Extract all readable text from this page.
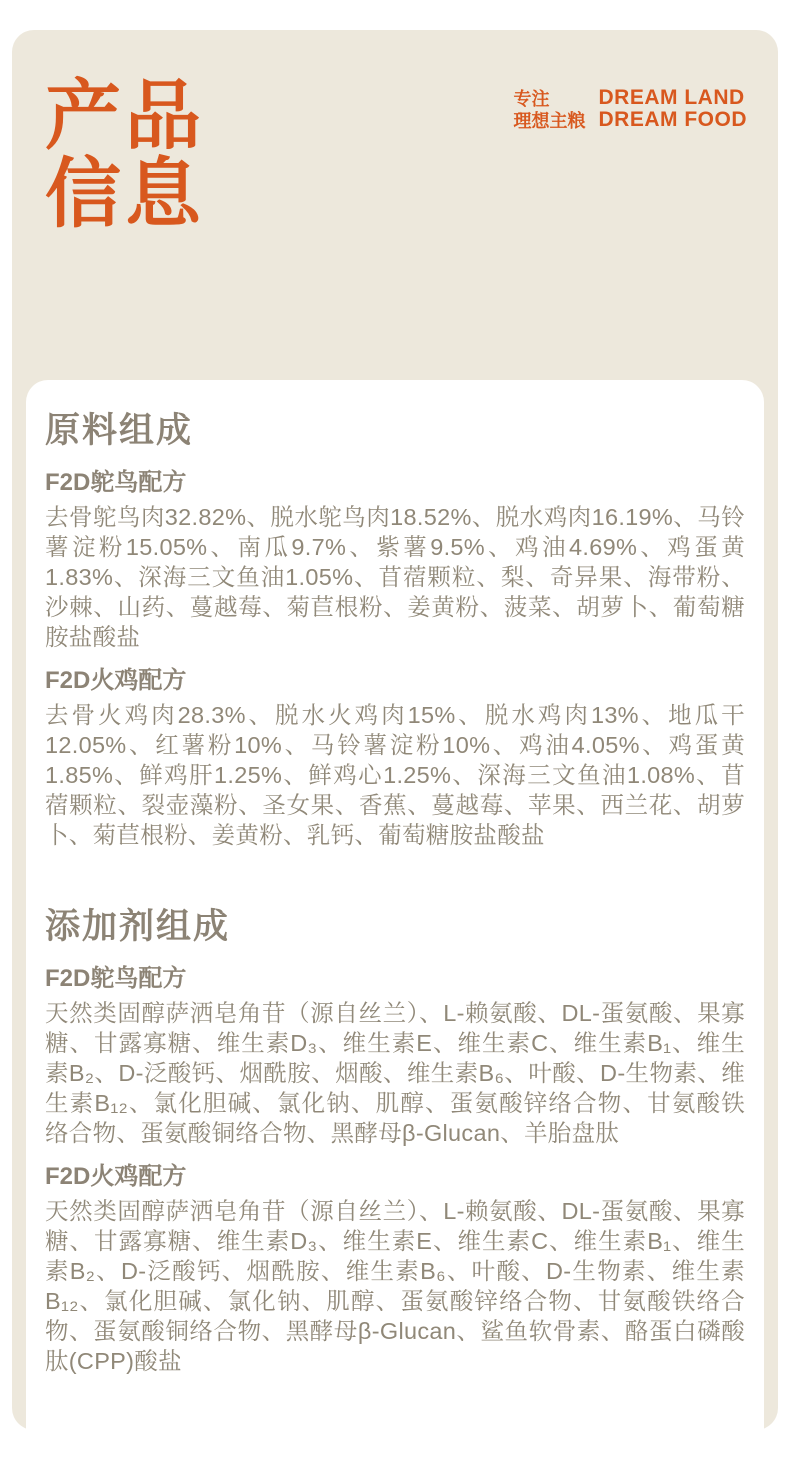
产品
信息
专注
理想主粮
DREAM LAND
DREAM FOOD
原料组成
F2D鸵鸟配方

去骨鸵鸟肉32.82%、脱水鸵鸟肉18.52%、脱水鸡肉16.19%、马铃薯淀粉15.05%、南瓜9.7%、紫薯9.5%、鸡油4.69%、鸡蛋黄1.83%、深海三文鱼油1.05%、苜蓿颗粒、梨、奇异果、海带粉、沙棘、山药、蔓越莓、菊苣根粉、姜黄粉、菠菜、胡萝卜、葡萄糖胺盐酸盐

F2D火鸡配方

去骨火鸡肉28.3%、脱水火鸡肉15%、脱水鸡肉13%、地瓜干12.05%、红薯粉10%、马铃薯淀粉10%、鸡油4.05%、鸡蛋黄1.85%、鲜鸡肝1.25%、鲜鸡心1.25%、深海三文鱼油1.08%、苜蓿颗粒、裂壶藻粉、圣女果、香蕉、蔓越莓、苹果、西兰花、胡萝卜、菊苣根粉、姜黄粉、乳钙、葡萄糖胺盐酸盐

添加剂组成
F2D鸵鸟配方

天然类固醇萨洒皂角苷（源自丝兰）、L-赖氨酸、DL-蛋氨酸、果寡糖、甘露寡糖、维生素D₃、维生素E、维生素C、维生素B₁、维生素B₂、D-泛酸钙、烟酰胺、烟酸、维生素B₆、叶酸、D-生物素、维生素B₁₂、氯化胆碱、氯化钠、肌醇、蛋氨酸锌络合物、甘氨酸铁络合物、蛋氨酸铜络合物、黑酵母β-Glucan、羊胎盘肽

F2D火鸡配方

天然类固醇萨洒皂角苷（源自丝兰）、L-赖氨酸、DL-蛋氨酸、果寡糖、甘露寡糖、维生素D₃、维生素E、维生素C、维生素B₁、维生素B₂、D-泛酸钙、烟酰胺、维生素B₆、叶酸、D-生物素、维生素B₁₂、氯化胆碱、氯化钠、肌醇、蛋氨酸锌络合物、甘氨酸铁络合物、蛋氨酸铜络合物、黑酵母β-Glucan、鲨鱼软骨素、酪蛋白磷酸肽(CPP)酸盐
